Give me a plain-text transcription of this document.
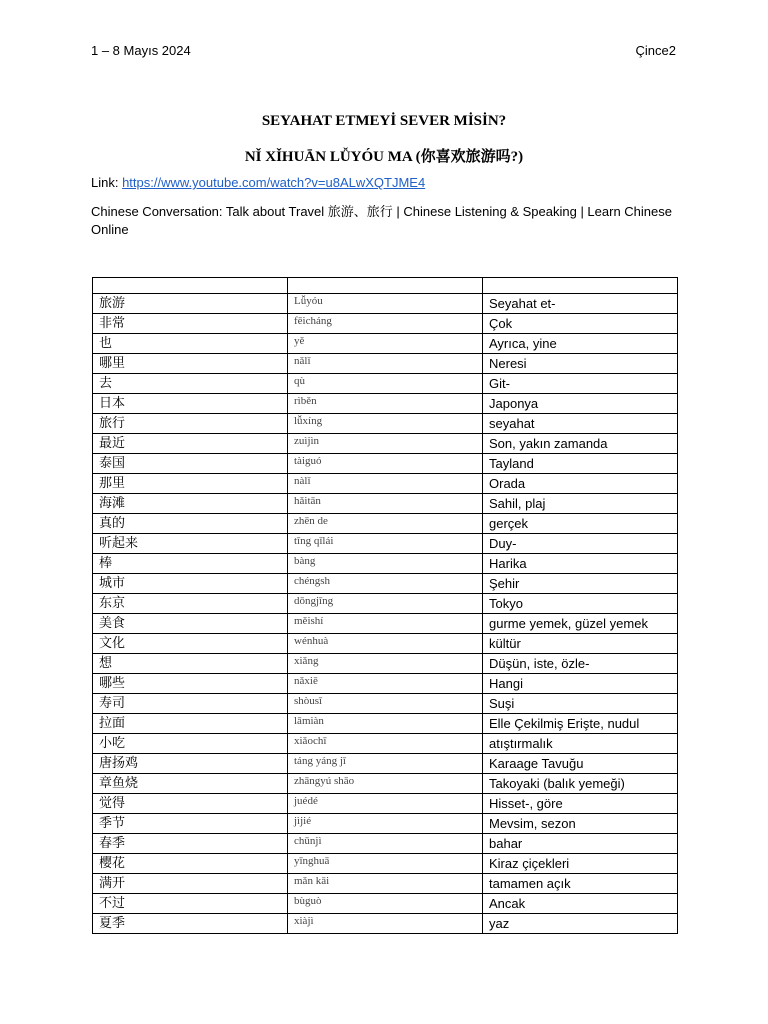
1 – 8 Mayıs 2024	Çince2
SEYAHAT ETMEYİ SEVER MİSİN?
NǏ XǏHUĀN LǙYÓU MA (你喜欢旅游吗?)
Link: https://www.youtube.com/watch?v=u8ALwXQTJME4
Chinese Conversation: Talk about Travel 旅游、旅行 | Chinese Listening & Speaking | Learn Chinese Online

旅游	Lǚyóu	Seyahat et-
非常	fēicháng	Çok
也	yě	Ayrıca, yine
哪里	nǎlǐ	Neresi
去	qù	Git-
日本	rìběn	Japonya
旅行	lǚxíng	seyahat
最近	zuìjìn	Son, yakın zamanda
泰国	tàiguó	Tayland
那里	nàlǐ	Orada
海滩	hǎitān	Sahil, plaj
真的	zhēn de	gerçek
听起来	tīng qǐlái	Duy-
棒	bàng	Harika
城市	chéngsh	Şehir
东京	dōngjīng	Tokyo
美食	měishí	gurme yemek, güzel yemek
文化	wénhuà	kültür
想	xiǎng	Düşün, iste, özle-
哪些	nǎxiē	Hangi
寿司	shòusī	Suşi
拉面	lāmiàn	Elle Çekilmiş Erişte, nudul
小吃	xiǎochī	atıştırmalık
唐扬鸡	táng yáng jī	Karaage Tavuğu
章鱼烧	zhāngyú shāo	Takoyaki (balık yemeği)
觉得	juédé	Hisset-, göre
季节	jìjié	Mevsim, sezon
春季	chūnjì	bahar
樱花	yīnghuā	Kiraz çiçekleri
满开	mǎn kāi	tamamen açık
不过	bùguò	Ancak
夏季	xiàjì	yaz
